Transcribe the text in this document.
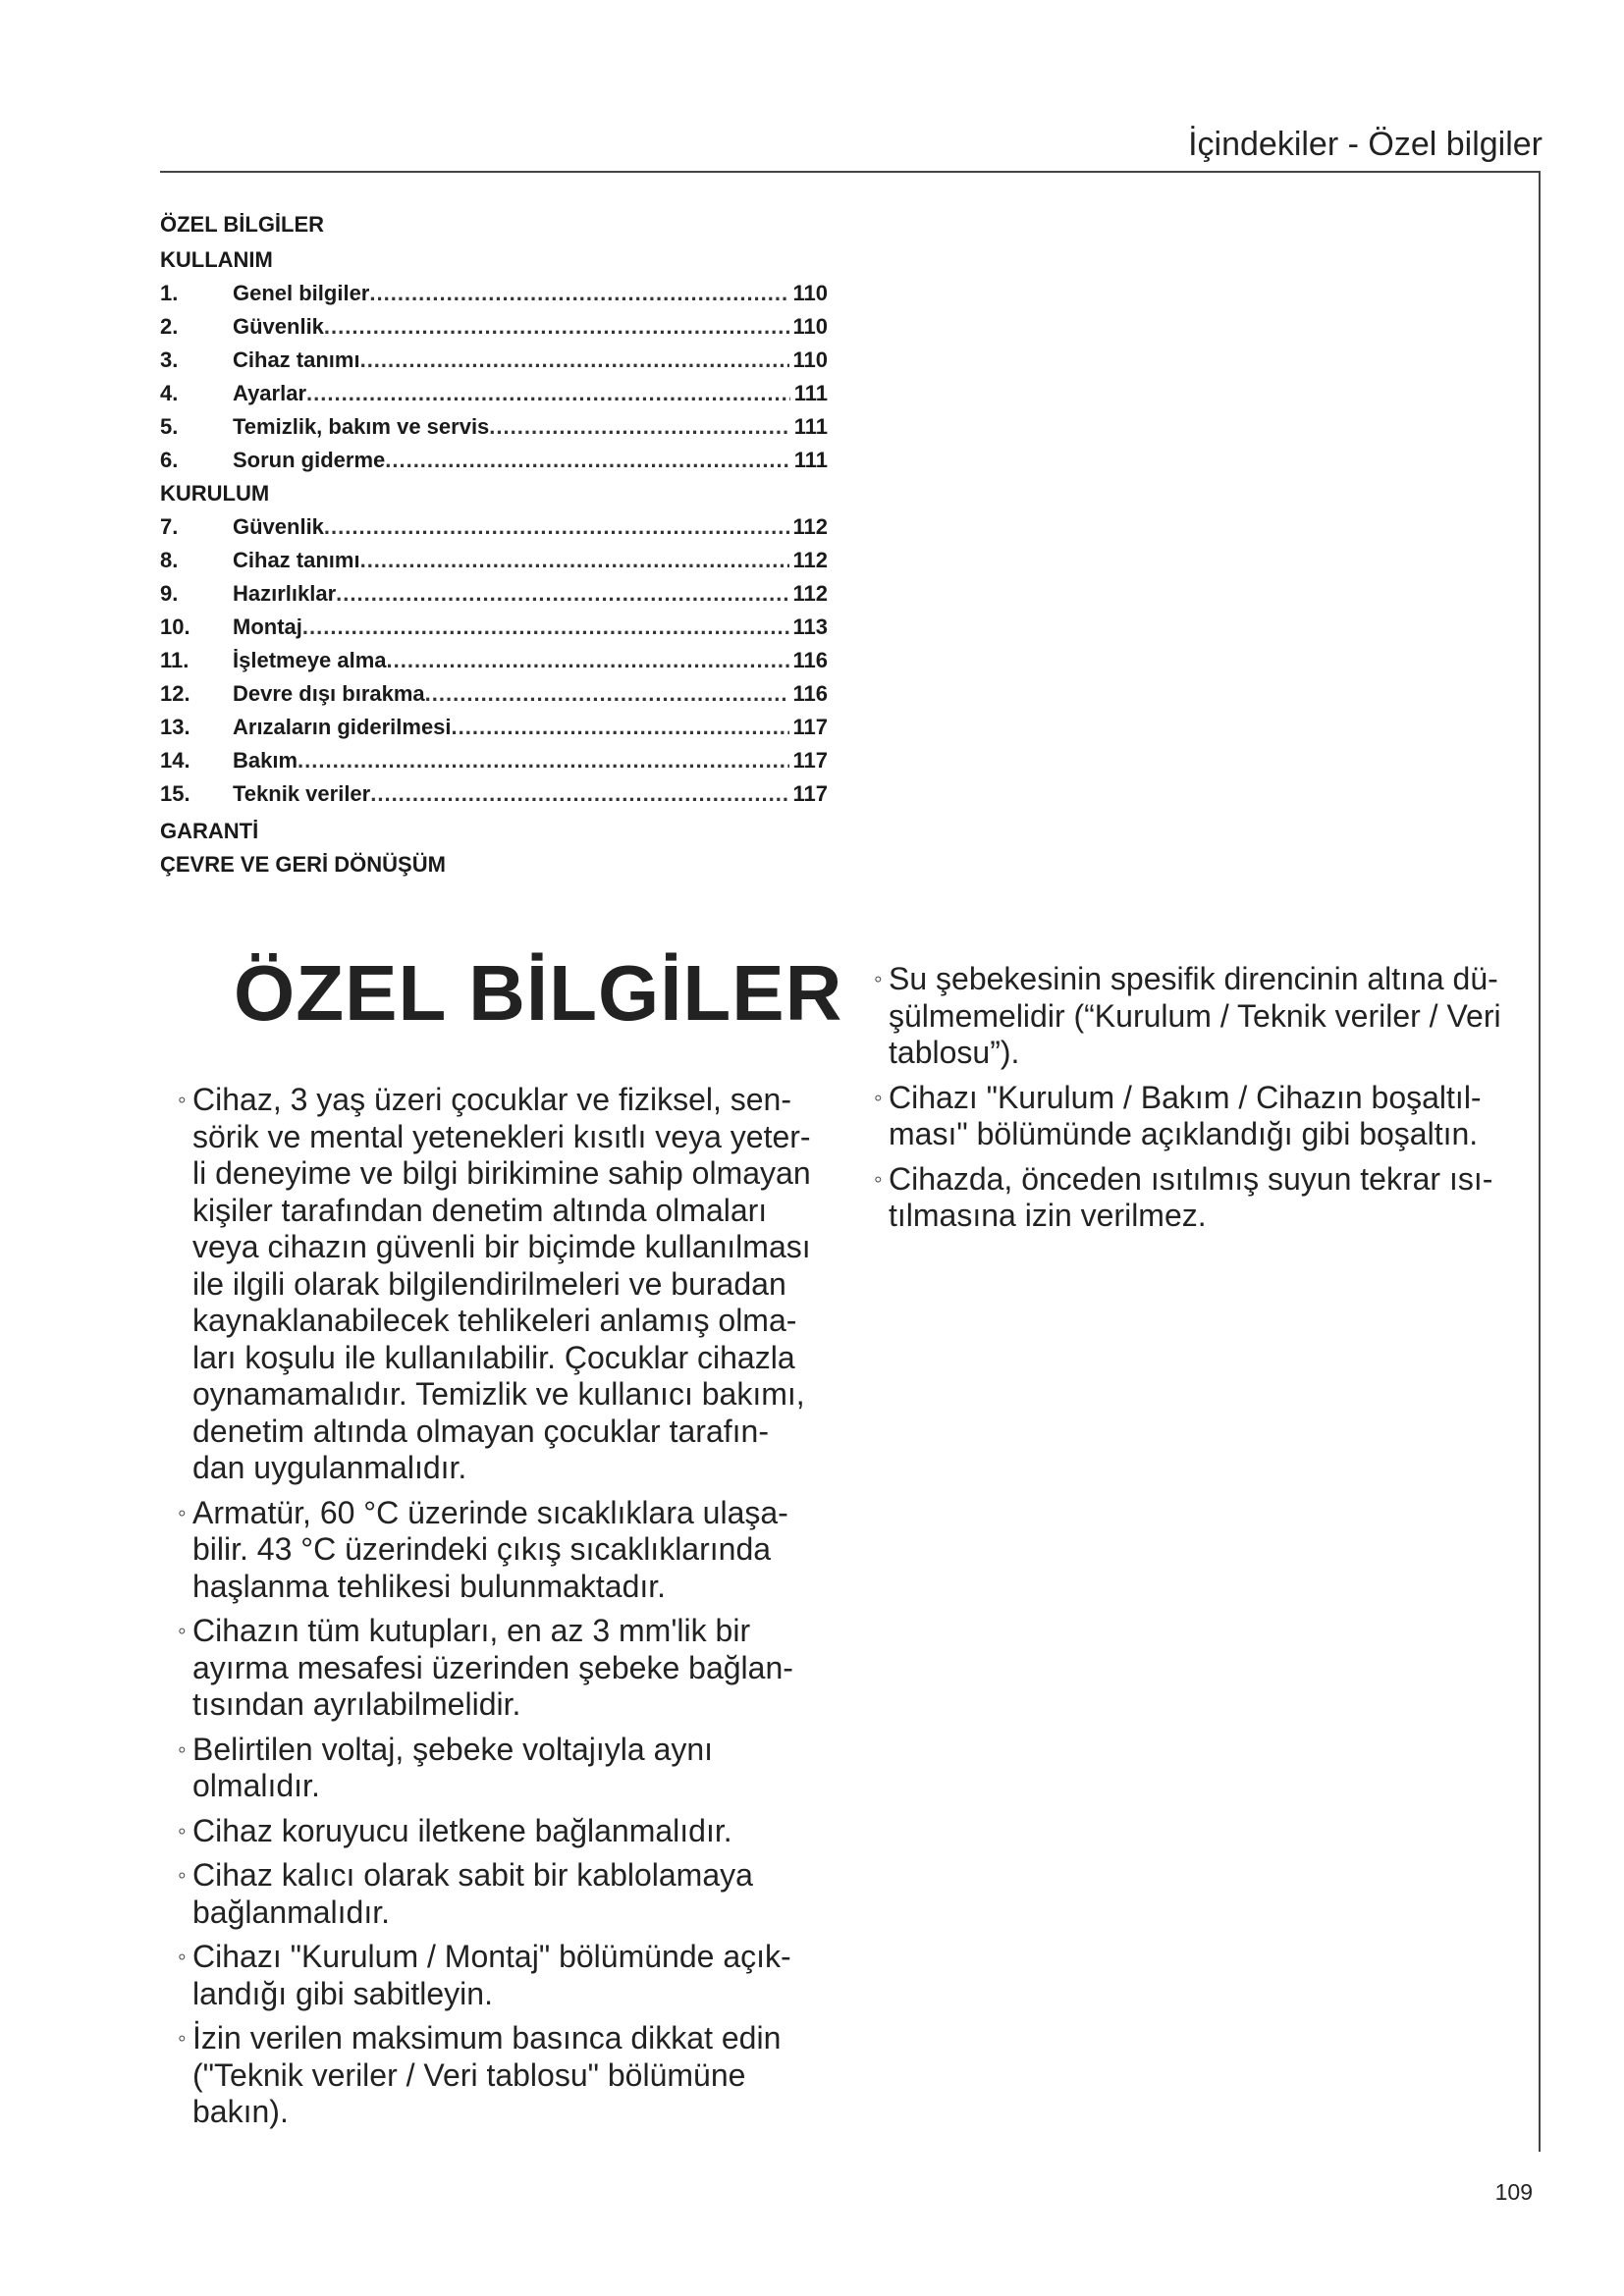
İçindekiler - Özel bilgiler
ÖZEL BİLGİLER
KULLANIM
1.	Genel bilgiler .....	110
2.	Güvenlik .....	110
3.	Cihaz tanımı .....	110
4.	Ayarlar .....	111
5.	Temizlik, bakım ve servis .....	111
6.	Sorun giderme .....	111
KURULUM
7.	Güvenlik .....	112
8.	Cihaz tanımı .....	112
9.	Hazırlıklar .....	112
10.	Montaj .....	113
11.	İşletmeye alma .....	116
12.	Devre dışı bırakma .....	116
13.	Arızaların giderilmesi .....	117
14.	Bakım .....	117
15.	Teknik veriler .....	117
GARANTİ
ÇEVRE VE GERİ DÖNÜŞÜM
ÖZEL BİLGİLER
◦ Cihaz, 3 yaş üzeri çocuklar ve fiziksel, sen-
sörik ve mental yetenekleri kısıtlı veya yeter-
li deneyime ve bilgi birikimine sahip olmayan
kişiler tarafından denetim altında olmaları
veya cihazın güvenli bir biçimde kullanılması
ile ilgili olarak bilgilendirilmeleri ve buradan
kaynaklanabilecek tehlikeleri anlamış olma-
ları koşulu ile kullanılabilir. Çocuklar cihazla
oynamamalıdır. Temizlik ve kullanıcı bakımı,
denetim altında olmayan çocuklar tarafın-
dan uygulanmalıdır.
◦ Armatür, 60 °C üzerinde sıcaklıklara ulaşa-
bilir. 43 °C üzerindeki çıkış sıcaklıklarında
haşlanma tehlikesi bulunmaktadır.
◦ Cihazın tüm kutupları, en az 3 mm'lik bir
ayırma mesafesi üzerinden şebeke bağlan-
tısından ayrılabilmelidir.
◦ Belirtilen voltaj, şebeke voltajıyla aynı
olmalıdır.
◦ Cihaz koruyucu iletkene bağlanmalıdır.
◦ Cihaz kalıcı olarak sabit bir kablolamaya
bağlanmalıdır.
◦ Cihazı "Kurulum / Montaj" bölümünde açık-
landığı gibi sabitleyin.
◦ İzin verilen maksimum basınca dikkat edin
("Teknik veriler / Veri tablosu" bölümüne
bakın).
◦ Su şebekesinin spesifik direncinin altına dü-
şülmemelidir (“Kurulum / Teknik veriler / Veri
tablosu”).
◦ Cihazı "Kurulum / Bakım / Cihazın boşaltıl-
ması" bölümünde açıklandığı gibi boşaltın.
◦ Cihazda, önceden ısıtılmış suyun tekrar ısı-
tılmasına izin verilmez.
109
